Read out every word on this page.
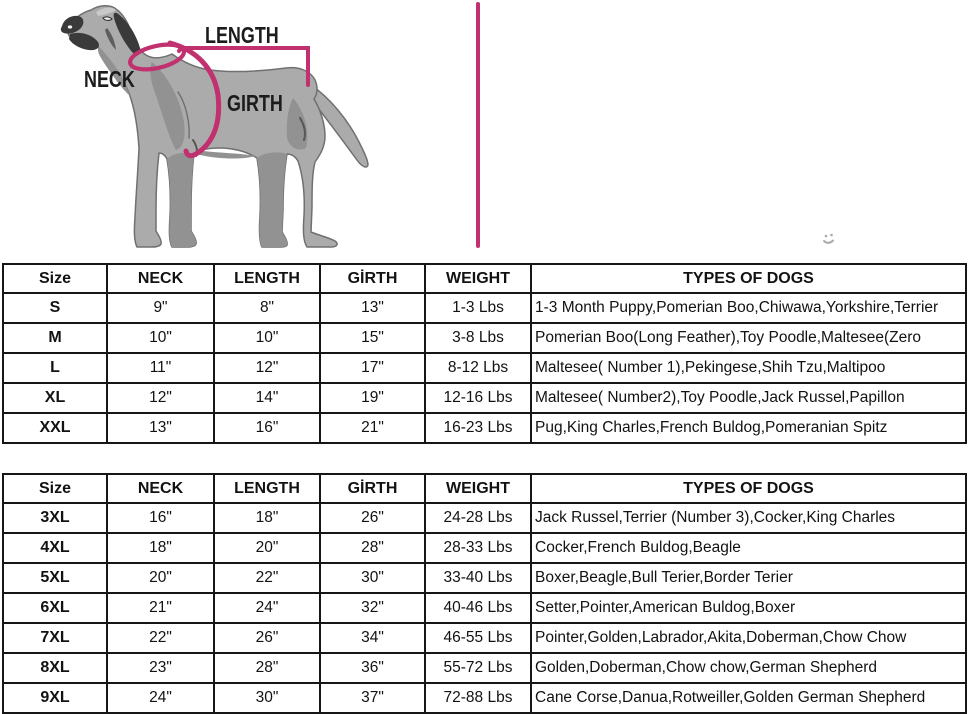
LENGTH
NECK
GIRTH
Size	NECK	LENGTH	GİRTH	WEIGHT	TYPES OF DOGS
S	9"	8"	13"	1-3 Lbs	1-3 Month Puppy,Pomerian Boo,Chiwawa,Yorkshire,Terrier
M	10"	10"	15"	3-8 Lbs	Pomerian Boo(Long Feather),Toy Poodle,Maltesee(Zero
L	11"	12"	17"	8-12 Lbs	Maltesee( Number 1),Pekingese,Shih Tzu,Maltipoo
XL	12"	14"	19"	12-16 Lbs	Maltesee( Number2),Toy Poodle,Jack Russel,Papillon
XXL	13"	16"	21"	16-23 Lbs	Pug,King Charles,French Buldog,Pomeranian Spitz
Size	NECK	LENGTH	GİRTH	WEIGHT	TYPES OF DOGS
3XL	16"	18"	26"	24-28 Lbs	Jack Russel,Terrier (Number 3),Cocker,King Charles
4XL	18"	20"	28"	28-33 Lbs	Cocker,French Buldog,Beagle
5XL	20"	22"	30"	33-40 Lbs	Boxer,Beagle,Bull Terier,Border Terier
6XL	21"	24"	32"	40-46 Lbs	Setter,Pointer,American Buldog,Boxer
7XL	22"	26"	34"	46-55 Lbs	Pointer,Golden,Labrador,Akita,Doberman,Chow Chow
8XL	23"	28"	36"	55-72 Lbs	Golden,Doberman,Chow chow,German Shepherd
9XL	24"	30"	37"	72-88 Lbs	Cane Corse,Danua,Rotweiller,Golden German Shepherd
